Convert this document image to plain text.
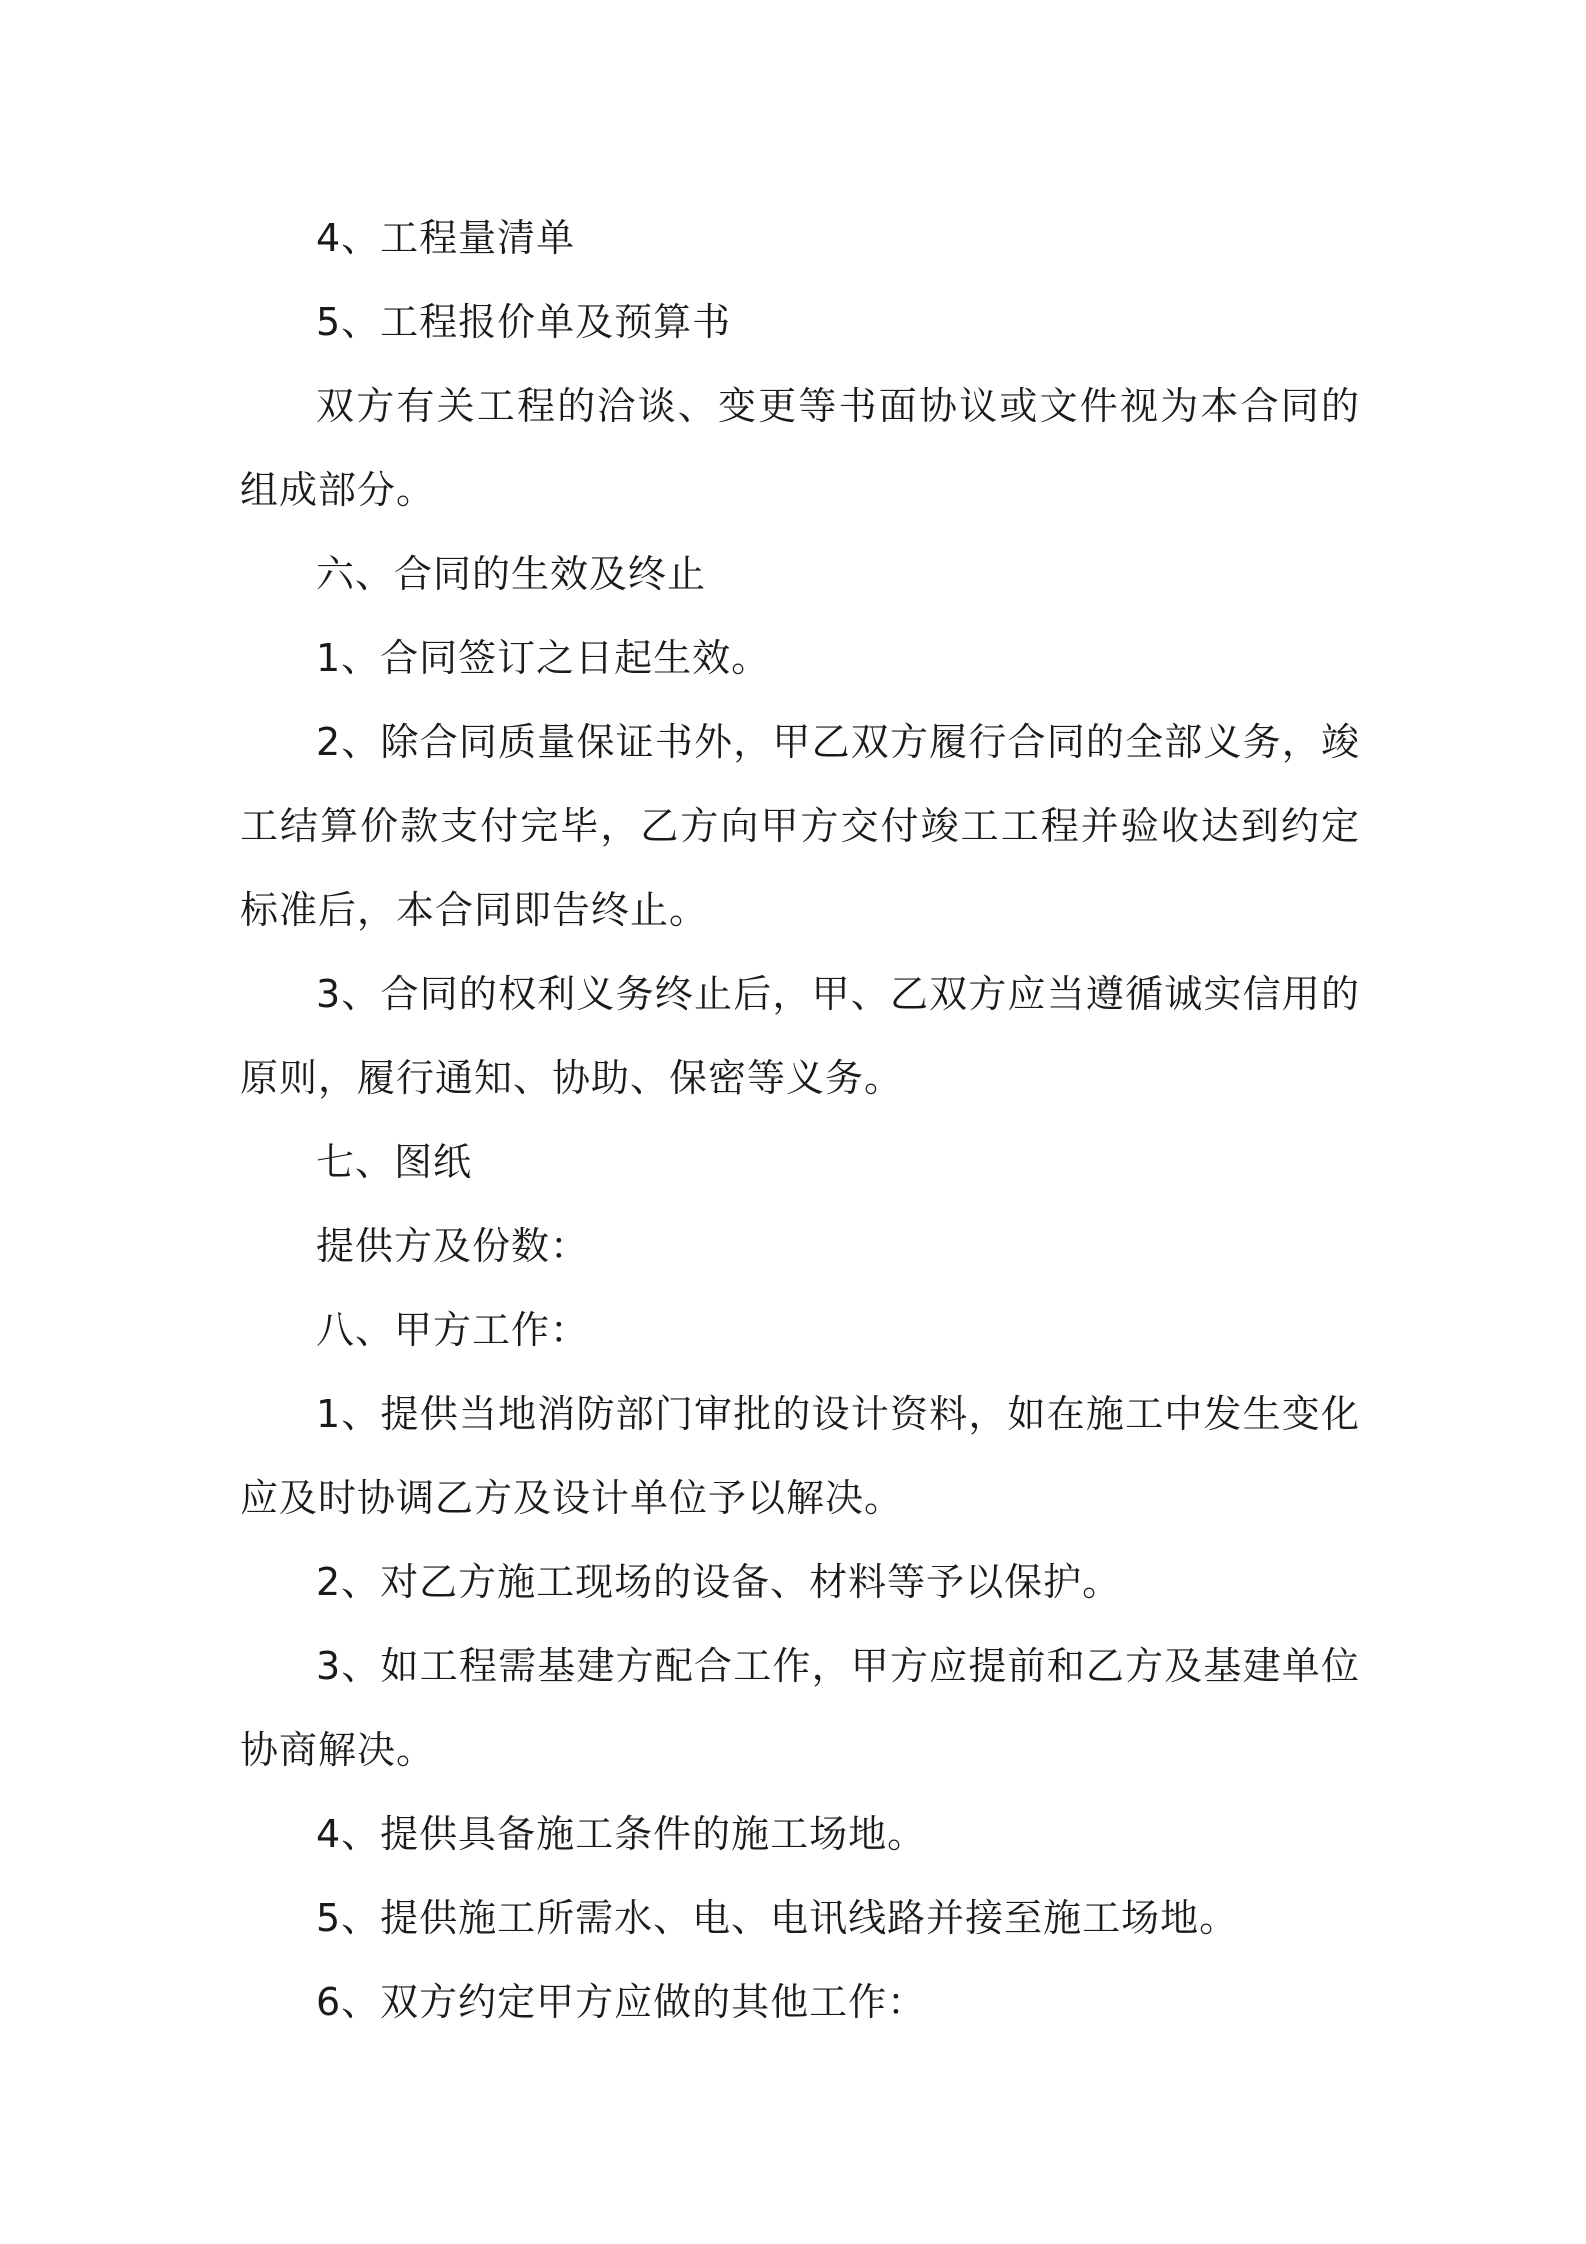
4、工程量清单

5、工程报价单及预算书

双方有关工程的洽谈、变更等书面协议或文件视为本合同的组成部分。

六、合同的生效及终止

1、合同签订之日起生效。

2、除合同质量保证书外，甲乙双方履行合同的全部义务，竣工结算价款支付完毕，乙方向甲方交付竣工工程并验收达到约定标准后，本合同即告终止。

3、合同的权利义务终止后，甲、乙双方应当遵循诚实信用的原则，履行通知、协助、保密等义务。

七、图纸

提供方及份数：

八、甲方工作：

1、提供当地消防部门审批的设计资料，如在施工中发生变化应及时协调乙方及设计单位予以解决。

2、对乙方施工现场的设备、材料等予以保护。

3、如工程需基建方配合工作，甲方应提前和乙方及基建单位协商解决。

4、提供具备施工条件的施工场地。

5、提供施工所需水、电、电讯线路并接至施工场地。

6、双方约定甲方应做的其他工作：
